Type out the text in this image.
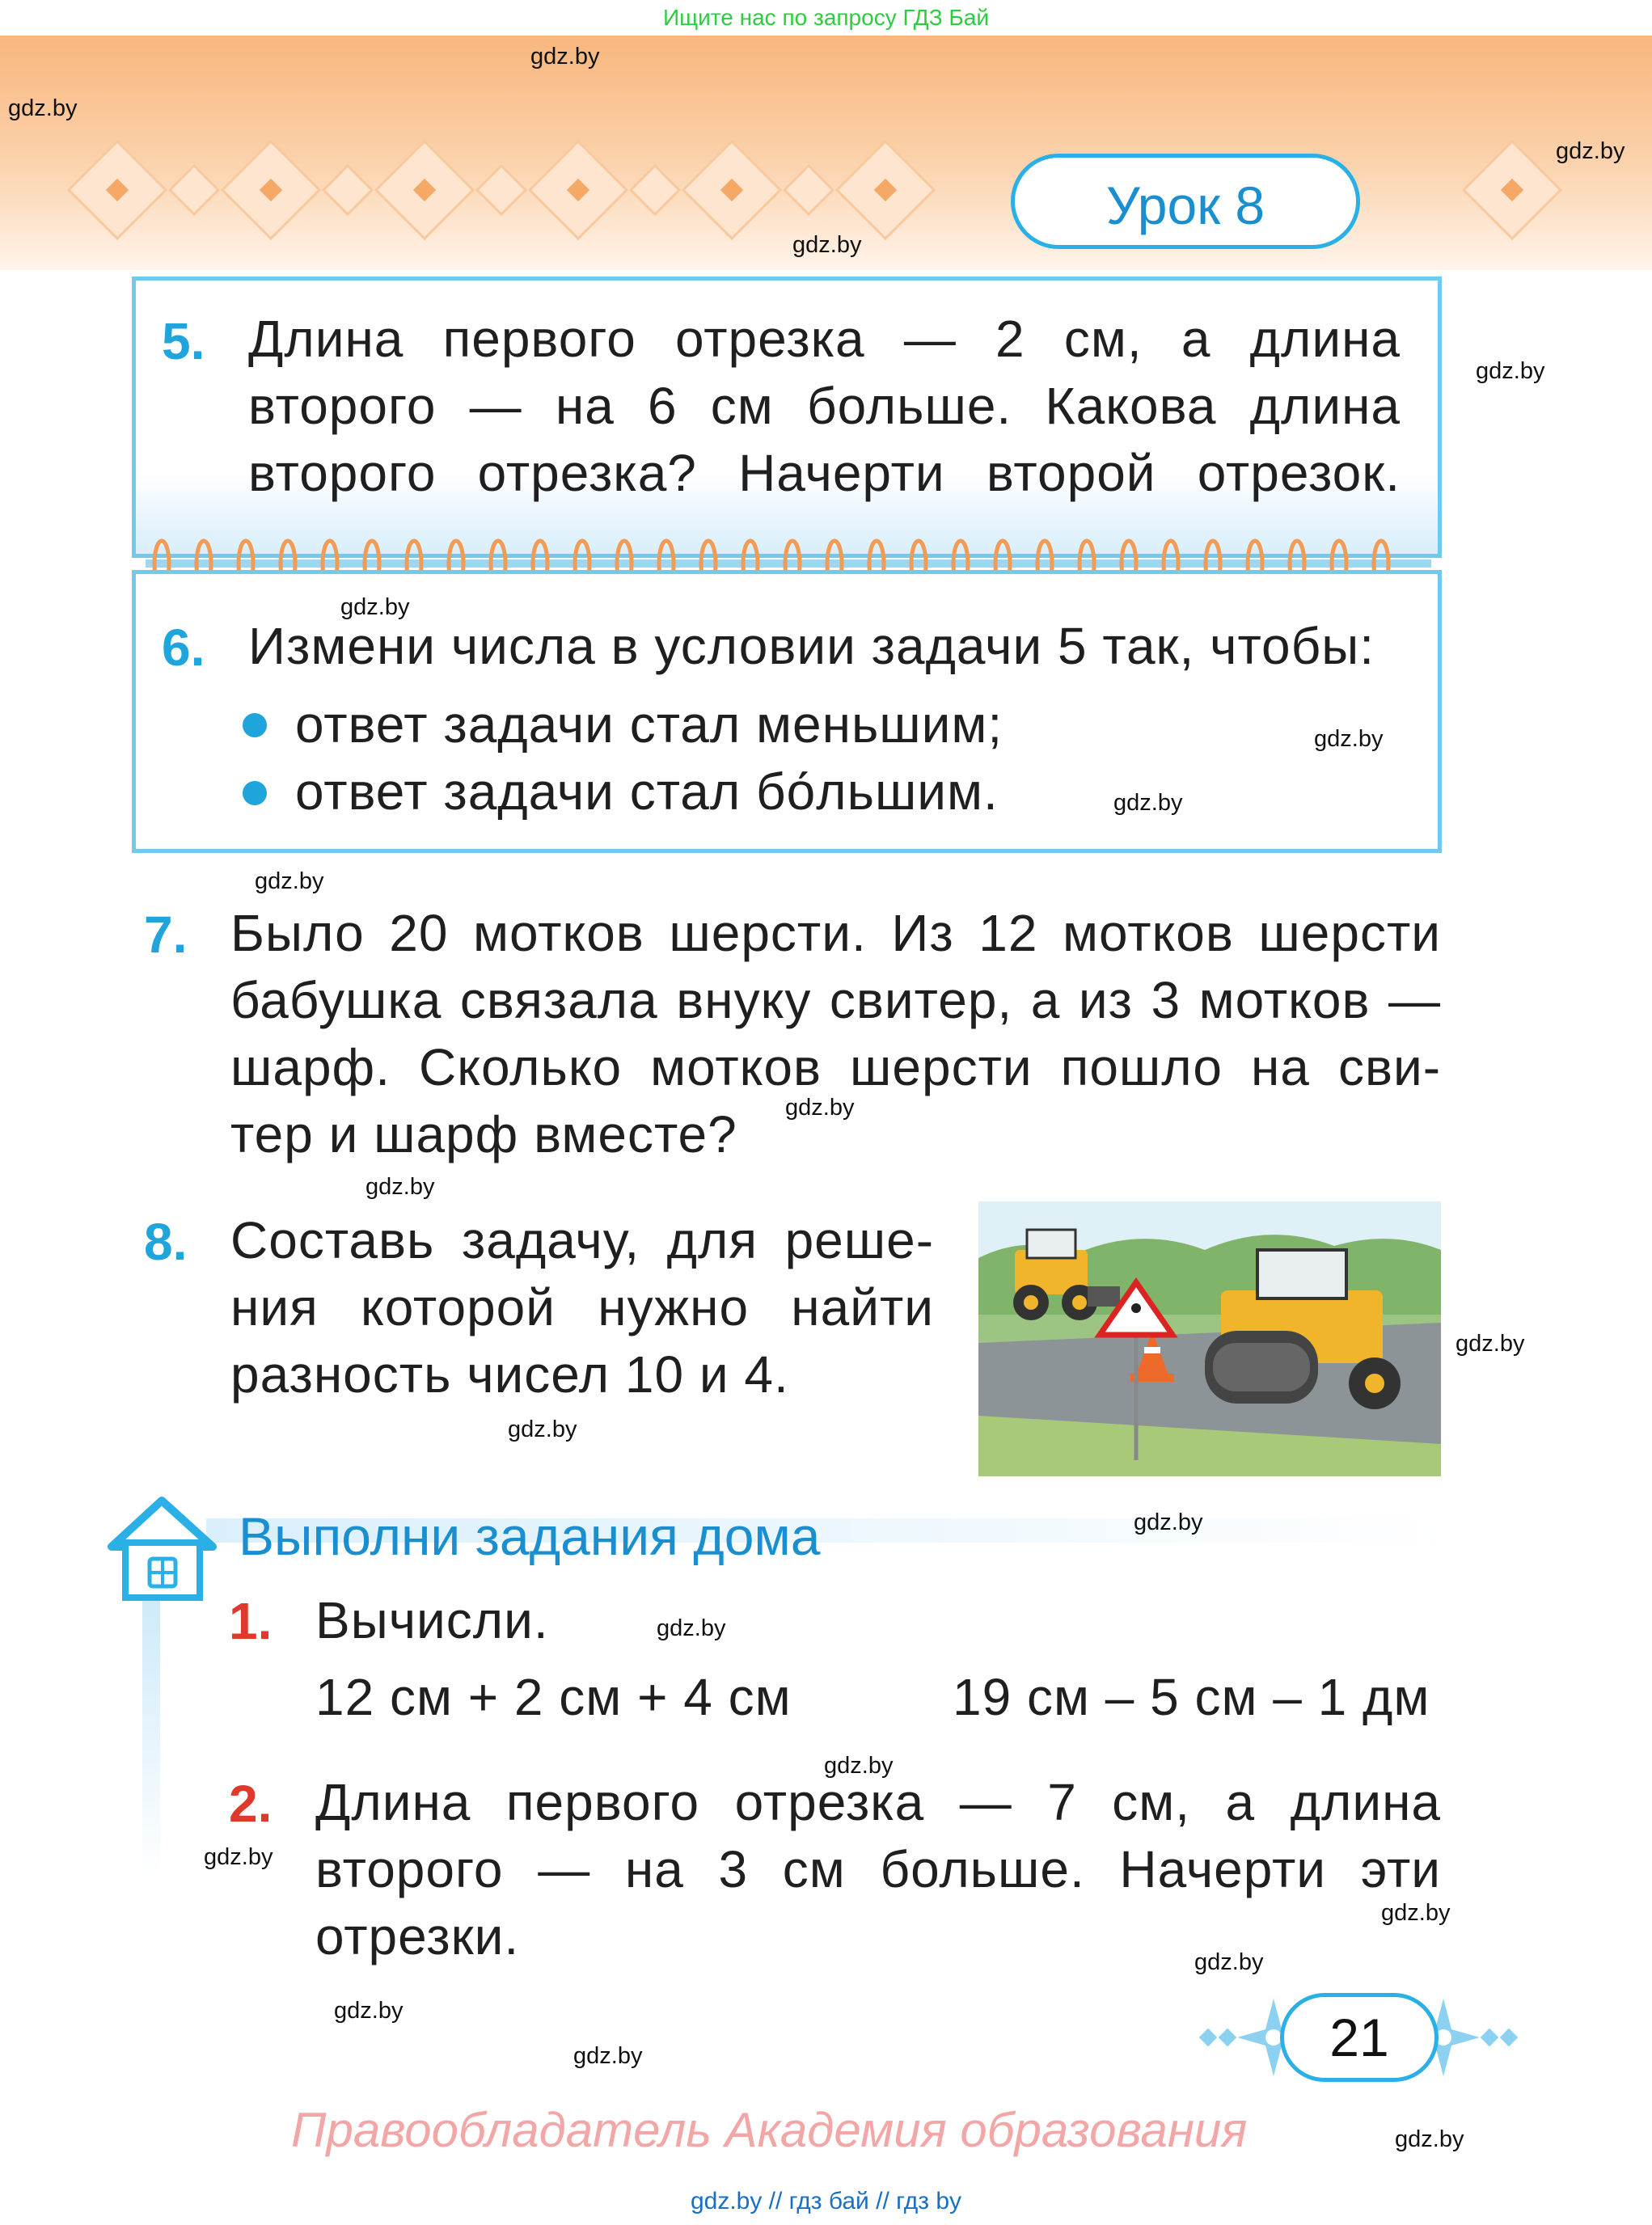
Ищите нас по запросу ГДЗ Бай
Урок 8
gdz.by
gdz.by
gdz.by
gdz.by
gdz.by
5. Длина первого отрезка — 2 см, а длина
второго — на 6 см больше. Какова длина
второго отрезка? Начерти второй отрезок.
gdz.by
6. Измени числа в условии задачи 5 так, чтобы:
ответ задачи стал меньшим;
ответ задачи стал бо́льшим.
gdz.by
gdz.by
gdz.by
7. Было 20 мотков шерсти. Из 12 мотков шерсти
бабушка связала внуку свитер, а из 3 мотков —
шарф. Сколько мотков шерсти пошло на сви-
тер и шарф вместе? gdz.by
gdz.by
8. Составь задачу, для реше-
ния которой нужно найти
разность чисел 10 и 4.
gdz.by
gdz.by
Выполни задания дома	gdz.by
1. Вычисли.	gdz.by
12 см + 2 см + 4 см	19 см – 5 см – 1 дм
gdz.by
2. Длина первого отрезка — 7 см, а длина
второго — на 3 см больше. Начерти эти
отрезки.
gdz.by
gdz.by
gdz.by
gdz.by
gdz.by	21
Правообладатель Академия образования	gdz.by
gdz.by // гдз бай // гдз by
